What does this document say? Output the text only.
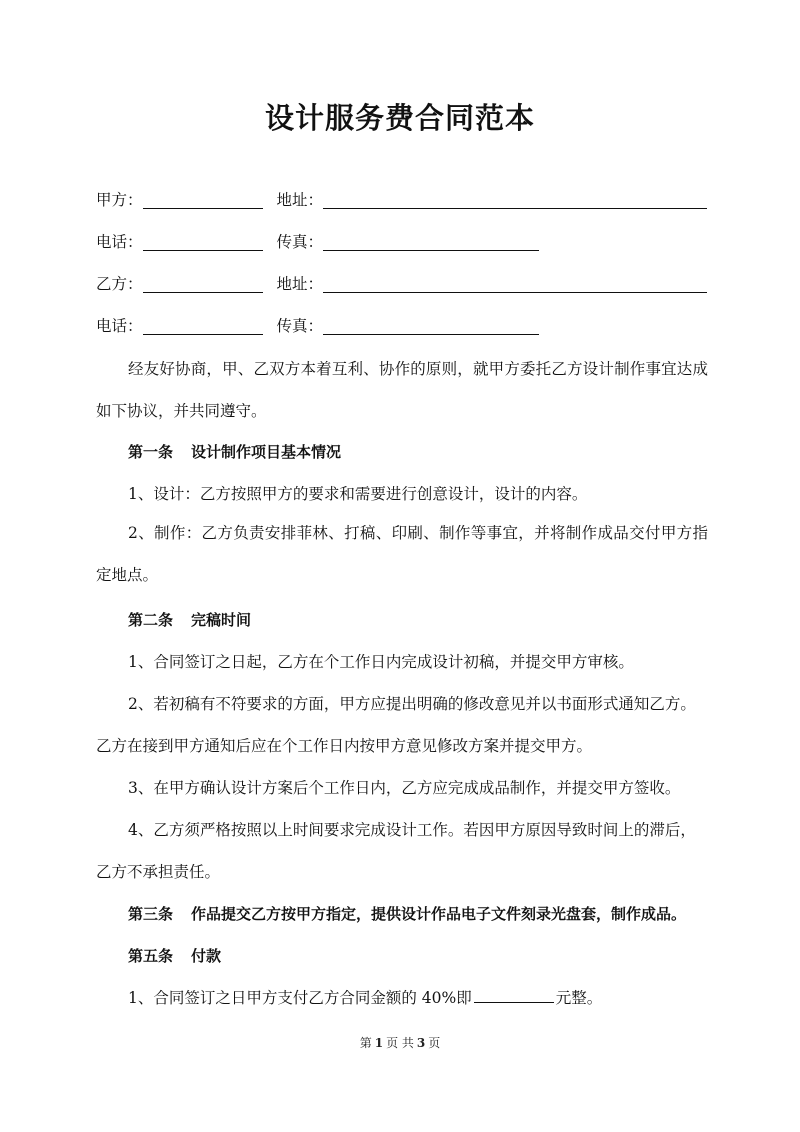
设计服务费合同范本
甲方：	地址：
电话：	传真：
乙方：	地址：
电话：	传真：

经友好协商，甲、乙双方本着互利、协作的原则，就甲方委托乙方设计制作事宜达成如下协议，并共同遵守。

第一条 设计制作项目基本情况
1、设计：乙方按照甲方的要求和需要进行创意设计，设计的内容。

2、制作：乙方负责安排菲林、打稿、印刷、制作等事宜，并将制作成品交付甲方指定地点。

第二条 完稿时间
1、合同签订之日起，乙方在个工作日内完成设计初稿，并提交甲方审核。
2、若初稿有不符要求的方面，甲方应提出明确的修改意见并以书面形式通知乙方。
乙方在接到甲方通知后应在个工作日内按甲方意见修改方案并提交甲方。
3、在甲方确认设计方案后个工作日内，乙方应完成成品制作，并提交甲方签收。
4、乙方须严格按照以上时间要求完成设计工作。若因甲方原因导致时间上的滞后，
乙方不承担责任。
第三条 作品提交乙方按甲方指定，提供设计作品电子文件刻录光盘套，制作成品。
第五条 付款
1、合同签订之日甲方支付乙方合同金额的 40%即	元整。
第 1 页 共 3 页
